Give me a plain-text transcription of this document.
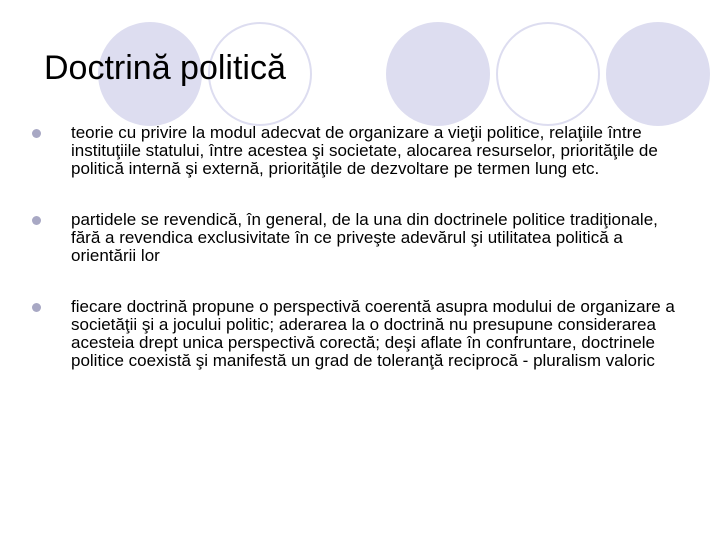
Doctrină politică
teorie cu privire la modul adecvat de organizare a vieţii politice, relaţiile între instituţiile statului, între acestea şi societate, alocarea resurselor, priorităţile de politică internă şi externă, priorităţile de dezvoltare pe termen lung etc.
partidele se revendică, în general, de la una din doctrinele politice tradiţionale, fără a revendica exclusivitate în ce priveşte adevărul şi utilitatea politică a orientării lor
fiecare doctrină propune o perspectivă coerentă asupra modului de organizare a societăţii şi a jocului politic; aderarea la o doctrină nu presupune considerarea acesteia drept unica perspectivă corectă; deşi aflate în confruntare, doctrinele politice coexistă şi manifestă un grad de toleranţă reciprocă - pluralism valoric
